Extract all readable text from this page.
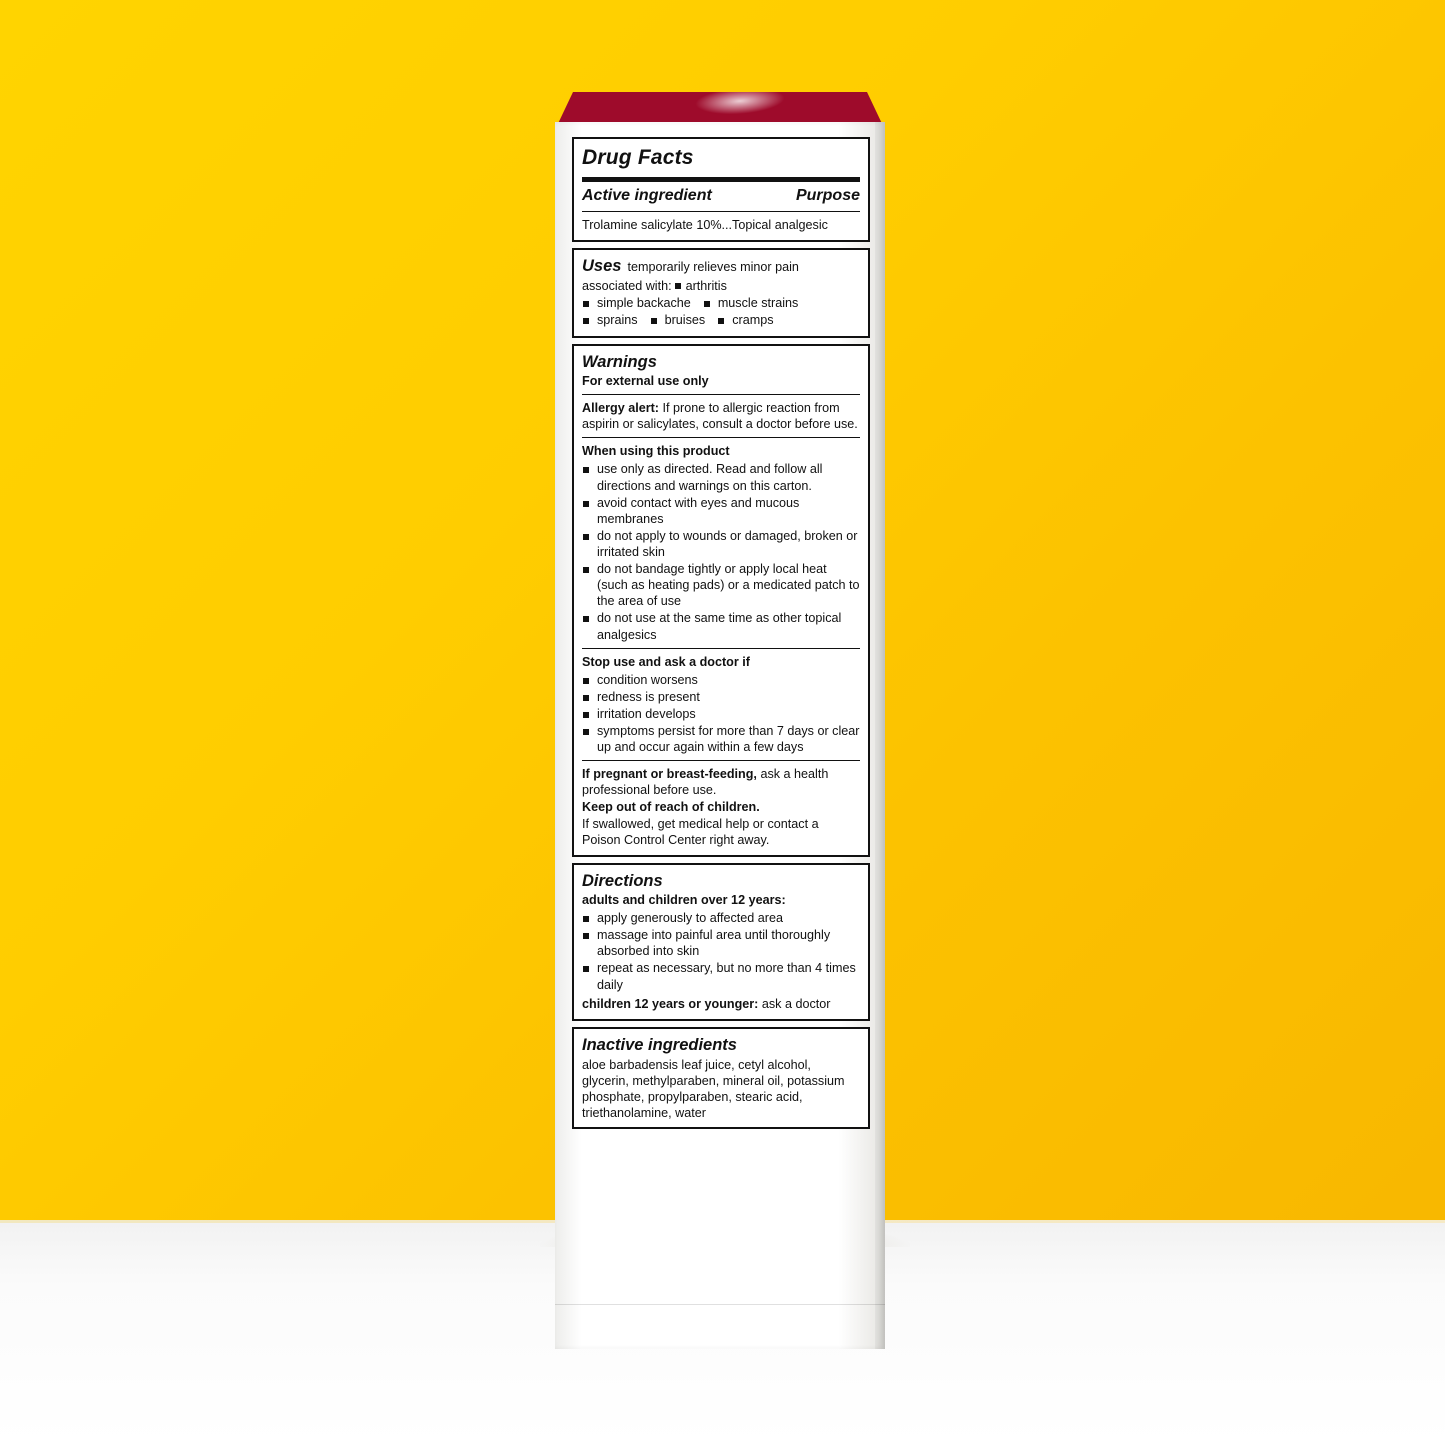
Drug Facts
Active ingredient	Purpose
Trolamine salicylate 10%...Topical analgesic
Uses temporarily relieves minor pain associated with: arthritis
simple backache muscle strainssprains bruises cramps
Warnings
For external use only
Allergy alert: If prone to allergic reaction from aspirin or salicylates, consult a doctor before use.
When using this product
use only as directed. Read and follow all directions and warnings on this carton.
avoid contact with eyes and mucous membranes
do not apply to wounds or damaged, broken or irritated skin
do not bandage tightly or apply local heat (such as heating pads) or a medicated patch to the area of use
do not use at the same time as other topical analgesics
Stop use and ask a doctor if
condition worsens
redness is present
irritation develops
symptoms persist for more than 7 days or clear up and occur again within a few days
If pregnant or breast-feeding, ask a health professional before use.
Keep out of reach of children.
If swallowed, get medical help or contact a Poison Control Center right away.
Directions
adults and children over 12 years:
apply generously to affected area
massage into painful area until thoroughly absorbed into skin
repeat as necessary, but no more than 4 times daily
children 12 years or younger: ask a doctor
Inactive ingredients
aloe barbadensis leaf juice, cetyl alcohol, glycerin, methylparaben, mineral oil, potassium phosphate, propylparaben, stearic acid, triethanolamine, water
